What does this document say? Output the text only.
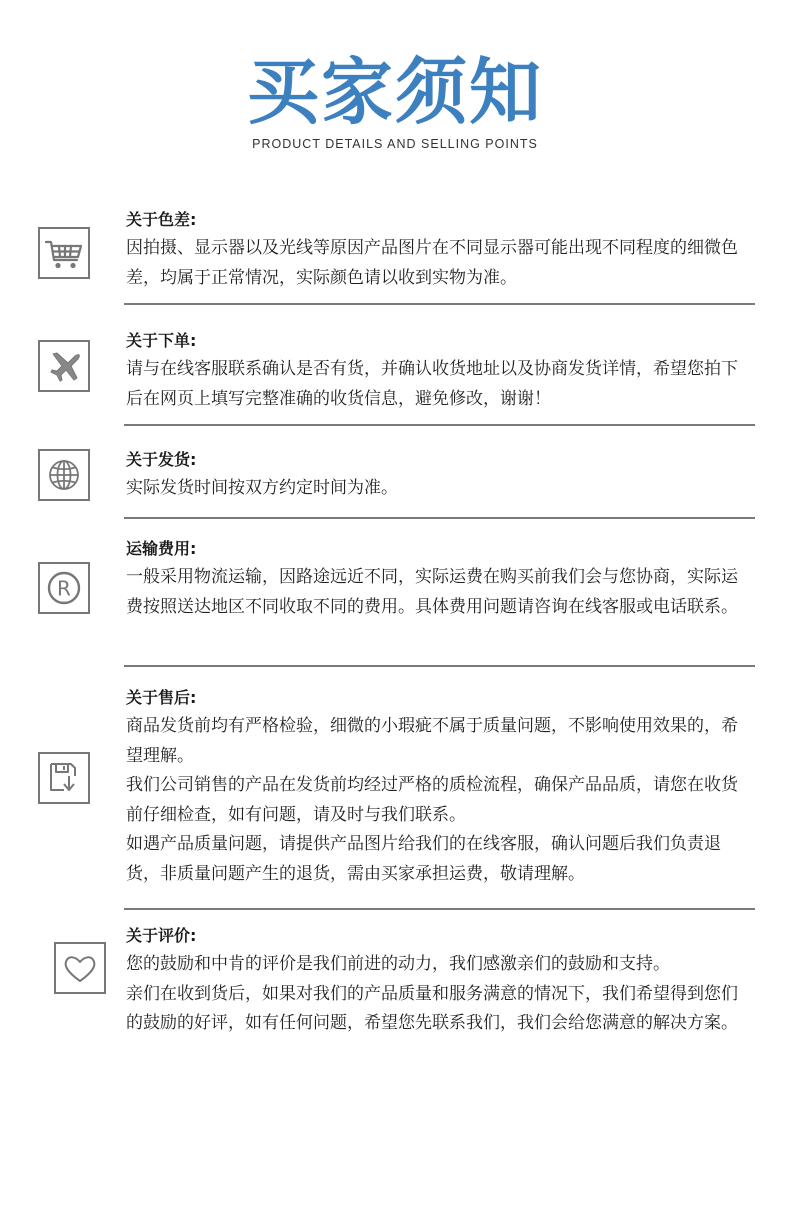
买家须知
PRODUCT DETAILS AND SELLING POINTS
关于色差:

因拍摄、显示器以及光线等原因产品图片在不同显示器可能出现不同程度的细微色差，均属于正常情况，实际颜色请以收到实物为准。

关于下单:

请与在线客服联系确认是否有货，并确认收货地址以及协商发货详情，希望您拍下后在网页上填写完整准确的收货信息，避免修改，谢谢！

关于发货:

实际发货时间按双方约定时间为准。

R
运输费用:

一般采用物流运输，因路途远近不同，实际运费在购买前我们会与您协商，实际运费按照送达地区不同收取不同的费用。具体费用问题请咨询在线客服或电话联系。

关于售后:

商品发货前均有严格检验，细微的小瑕疵不属于质量问题，不影响使用效果的，希望理解。

我们公司销售的产品在发货前均经过严格的质检流程，确保产品品质，请您在收货前仔细检查，如有问题，请及时与我们联系。

如遇产品质量问题，请提供产品图片给我们的在线客服，确认问题后我们负责退货，非质量问题产生的退货，需由买家承担运费，敬请理解。

关于评价:

您的鼓励和中肯的评价是我们前进的动力，我们感激亲们的鼓励和支持。

亲们在收到货后，如果对我们的产品质量和服务满意的情况下，我们希望得到您们的鼓励的好评，如有任何问题，希望您先联系我们，我们会给您满意的解决方案。
